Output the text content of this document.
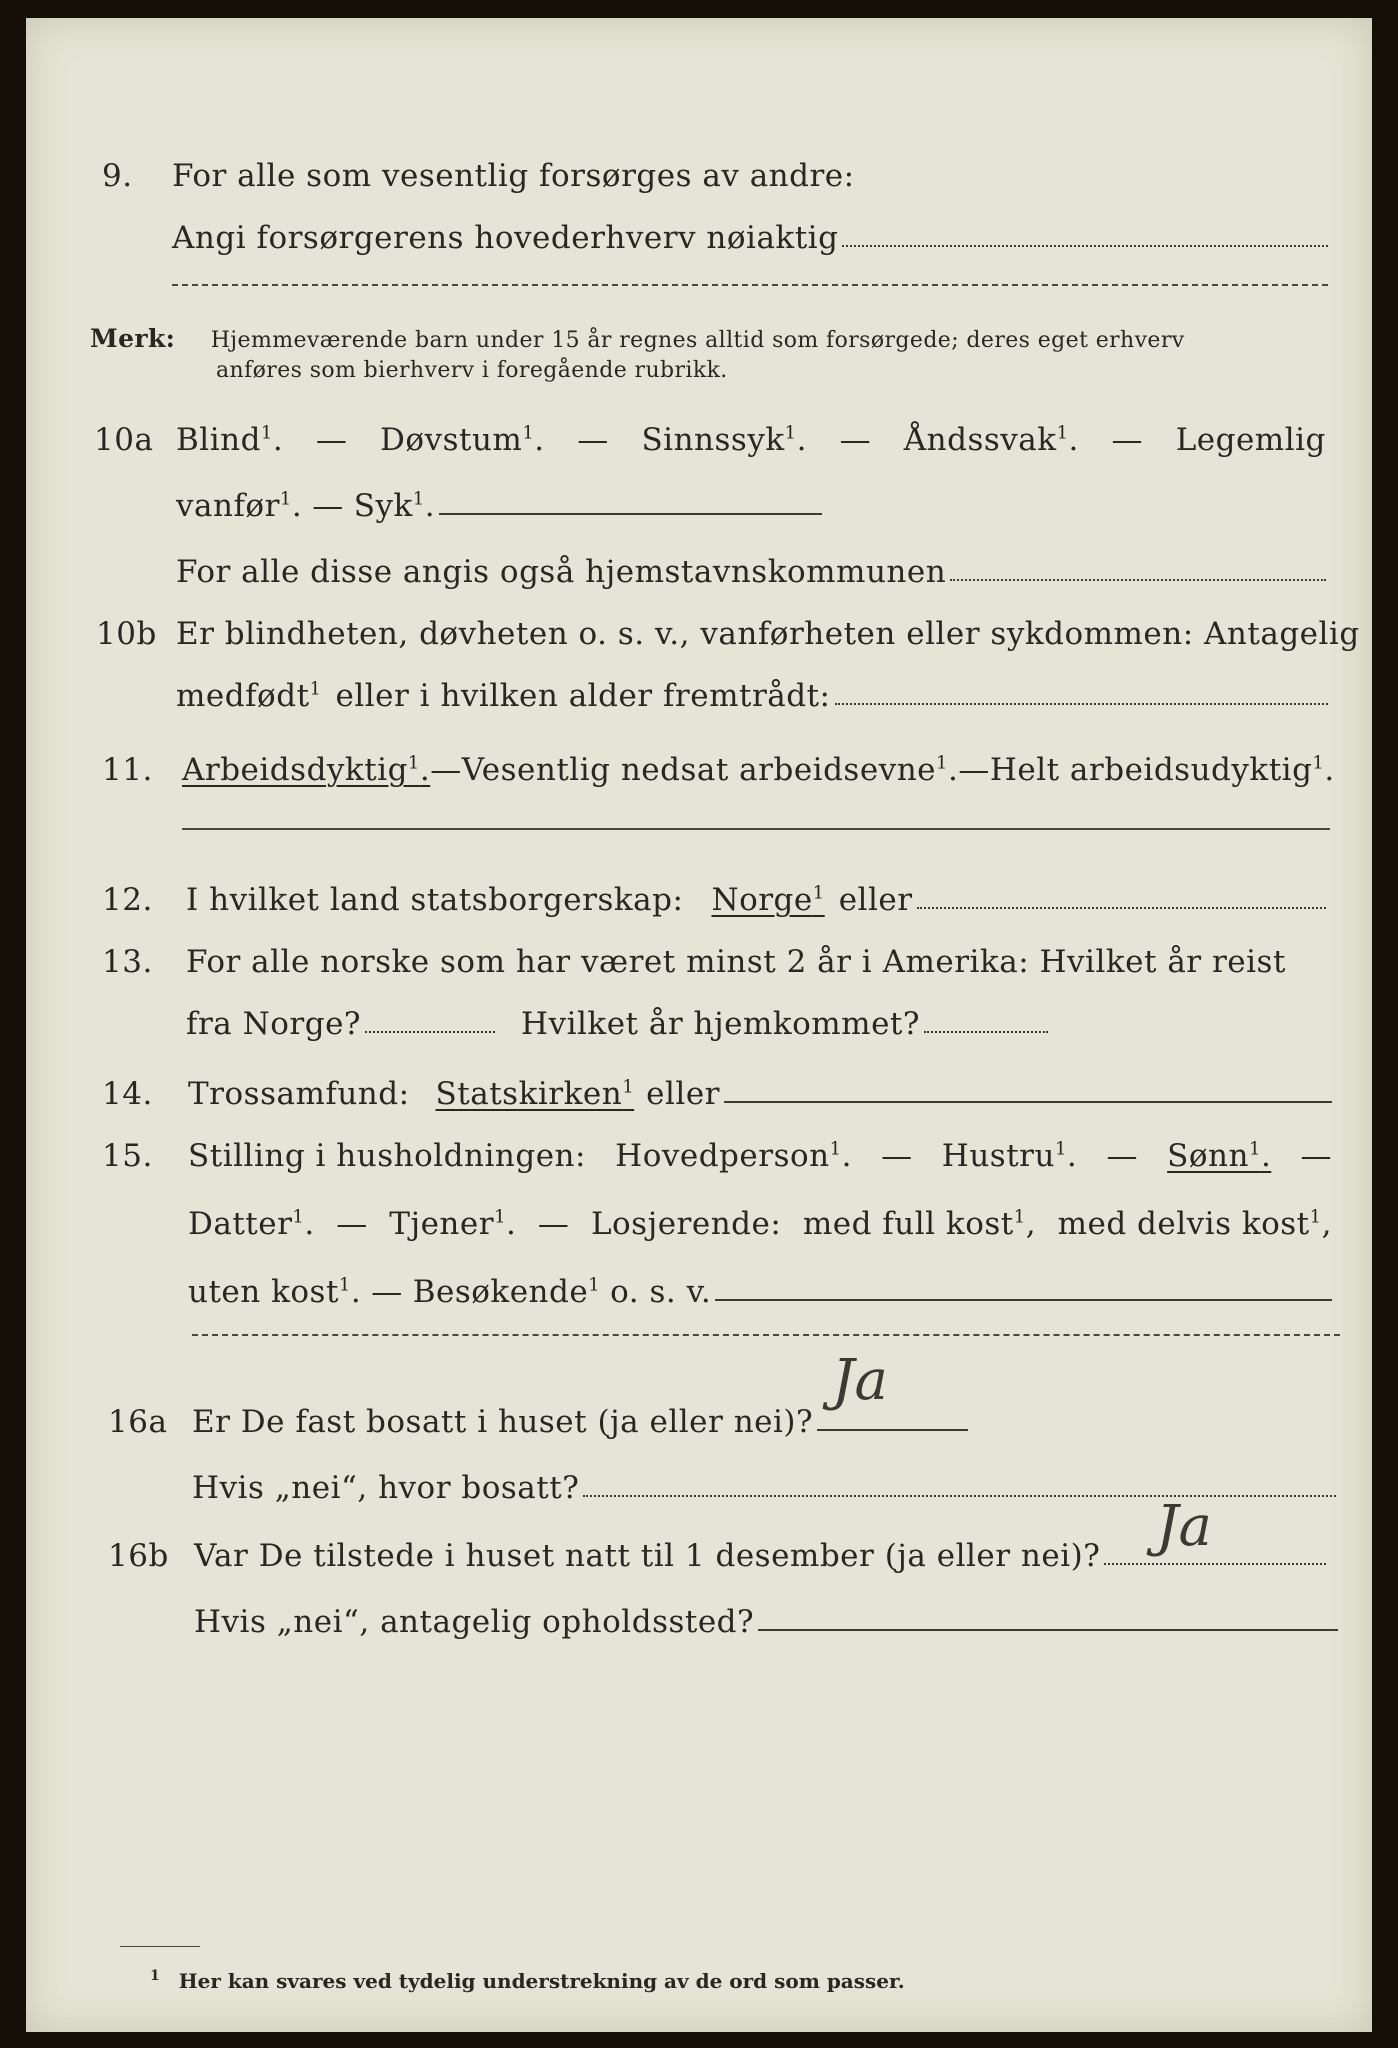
9. For alle som vesentlig forsørges av andre:
Angi forsørgerens hovederhverv nøiaktig
Merk: Hjemmeværende barn under 15 år regnes alltid som forsørgede; deres eget erhverv
anføres som bierhverv i foregående rubrikk.
10a Blind$^1$. — Døvstum$^1$. — Sinnssyk$^1$. — Åndssvak$^1$. — Legemlig
vanfør$^1$. — Syk$^1$.
For alle disse angis også hjemstavnskommunen
10b Er blindheten, døvheten o. s. v., vanførheten eller sykdommen: Antagelig
medfødt$^1$ eller i hvilken alder fremtrådt:
11. Arbeidsdyktig$^1$. — Vesentlig nedsat arbeidsevne$^1$. — Helt arbeidsudyktig$^1$.
12. I hvilket land statsborgerskap: Norge$^1$ eller
13. For alle norske som har været minst 2 år i Amerika: Hvilket år reist
fra Norge?	Hvilket år hjemkommet?
14. Trossamfund: Statskirken$^1$ eller
15. Stilling i husholdningen: Hovedperson$^1$. — Hustru$^1$. — Sønn$^1$. —
Datter$^1$. — Tjener$^1$. — Losjerende: med full kost$^1$, med delvis kost$^1$,
uten kost$^1$. — Besøkende$^1$ o. s. v.
16a Er De fast bosatt i huset (ja eller nei)?
Ja
Hvis „nei“, hvor bosatt?
16b Var De tilstede i huset natt til 1 desember (ja eller nei)? Ja
Hvis „nei“, antagelig opholdssted?
$^1$ Her kan svares ved tydelig understrekning av de ord som passer.
